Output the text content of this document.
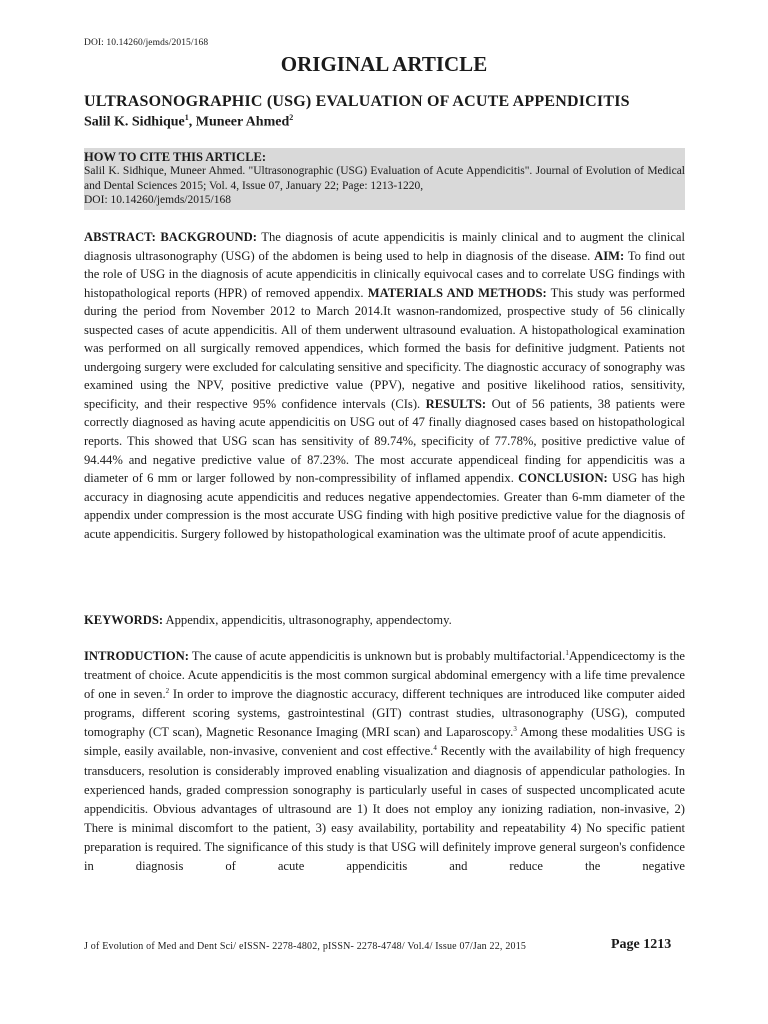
DOI: 10.14260/jemds/2015/168
ORIGINAL ARTICLE
ULTRASONOGRAPHIC (USG) EVALUATION OF ACUTE APPENDICITIS
Salil K. Sidhique$^1$, Muneer Ahmed$^2$
HOW TO CITE THIS ARTICLE:
Salil K. Sidhique, Muneer Ahmed. "Ultrasonographic (USG) Evaluation of Acute Appendicitis". Journal of Evolution of Medical and Dental Sciences 2015; Vol. 4, Issue 07, January 22; Page: 1213-1220,
DOI: 10.14260/jemds/2015/168
ABSTRACT: BACKGROUND: The diagnosis of acute appendicitis is mainly clinical and to augment the clinical diagnosis ultrasonography (USG) of the abdomen is being used to help in diagnosis of the disease. AIM: To find out the role of USG in the diagnosis of acute appendicitis in clinically equivocal cases and to correlate USG findings with histopathological reports (HPR) of removed appendix. MATERIALS AND METHODS: This study was performed during the period from November 2012 to March 2014.It wasnon-randomized, prospective study of 56 clinically suspected cases of acute appendicitis. All of them underwent ultrasound evaluation. A histopathological examination was performed on all surgically removed appendices, which formed the basis for definitive judgment. Patients not undergoing surgery were excluded for calculating sensitive and specificity. The diagnostic accuracy of sonography was examined using the NPV, positive predictive value (PPV), negative and positive likelihood ratios, sensitivity, specificity, and their respective 95% confidence intervals (CIs). RESULTS: Out of 56 patients, 38 patients were correctly diagnosed as having acute appendicitis on USG out of 47 finally diagnosed cases based on histopathological reports. This showed that USG scan has sensitivity of 89.74%, specificity of 77.78%, positive predictive value of 94.44% and negative predictive value of 87.23%. The most accurate appendiceal finding for appendicitis was a diameter of 6 mm or larger followed by non-compressibility of inflamed appendix. CONCLUSION: USG has high accuracy in diagnosing acute appendicitis and reduces negative appendectomies. Greater than 6-mm diameter of the appendix under compression is the most accurate USG finding with high positive predictive value for the diagnosis of acute appendicitis. Surgery followed by histopathological examination was the ultimate proof of acute appendicitis.
KEYWORDS: Appendix, appendicitis, ultrasonography, appendectomy.
INTRODUCTION: The cause of acute appendicitis is unknown but is probably multifactorial.$^1$Appendicectomy is the treatment of choice. Acute appendicitis is the most common surgical abdominal emergency with a life time prevalence of one in seven.$^2$ In order to improve the diagnostic accuracy, different techniques are introduced like computer aided programs, different scoring systems, gastrointestinal (GIT) contrast studies, ultrasonography (USG), computed tomography (CT scan), Magnetic Resonance Imaging (MRI scan) and Laparoscopy.$^3$ Among these modalities USG is simple, easily available, non-invasive, convenient and cost effective.$^4$ Recently with the availability of high frequency transducers, resolution is considerably improved enabling visualization and diagnosis of appendicular pathologies. In experienced hands, graded compression sonography is particularly useful in cases of suspected uncomplicated acute appendicitis. Obvious advantages of ultrasound are 1) It does not employ any ionizing radiation, non-invasive, 2) There is minimal discomfort to the patient, 3) easy availability, portability and repeatability 4) No specific patient preparation is required. The significance of this study is that USG will definitely improve general surgeon's confidence in diagnosis of acute appendicitis and reduce the negative
J of Evolution of Med and Dent Sci/ eISSN- 2278-4802, pISSN- 2278-4748/ Vol.4/ Issue 07/Jan 22, 2015	Page 1213
